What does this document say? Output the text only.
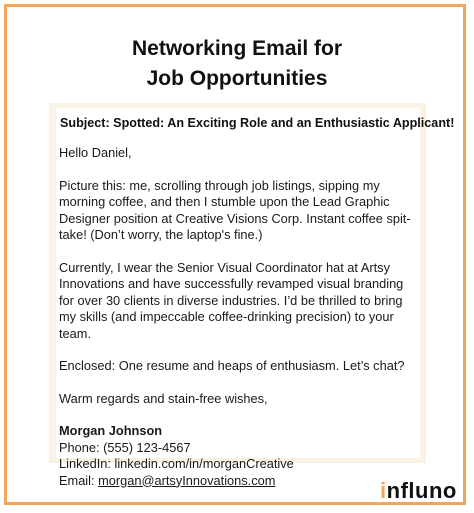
Networking Email for
Job Opportunities
Subject: Spotted: An Exciting Role and an Enthusiastic Applicant!

Hello Daniel,

Picture this: me, scrolling through job listings, sipping my morning coffee, and then I stumble upon the Lead Graphic Designer position at Creative Visions Corp. Instant coffee spit-take! (Don’t worry, the laptop's fine.)

Currently, I wear the Senior Visual Coordinator hat at Artsy Innovations and have successfully revamped visual branding for over 30 clients in diverse industries. I’d be thrilled to bring my skills (and impeccable coffee-drinking precision) to your team.

Enclosed: One resume and heaps of enthusiasm. Let’s chat?

Warm regards and stain-free wishes,

Morgan Johnson
Phone: (555) 123-4567
LinkedIn: linkedin.com/in/morganCreative
Email: morgan@artsyInnovations.com	influno
